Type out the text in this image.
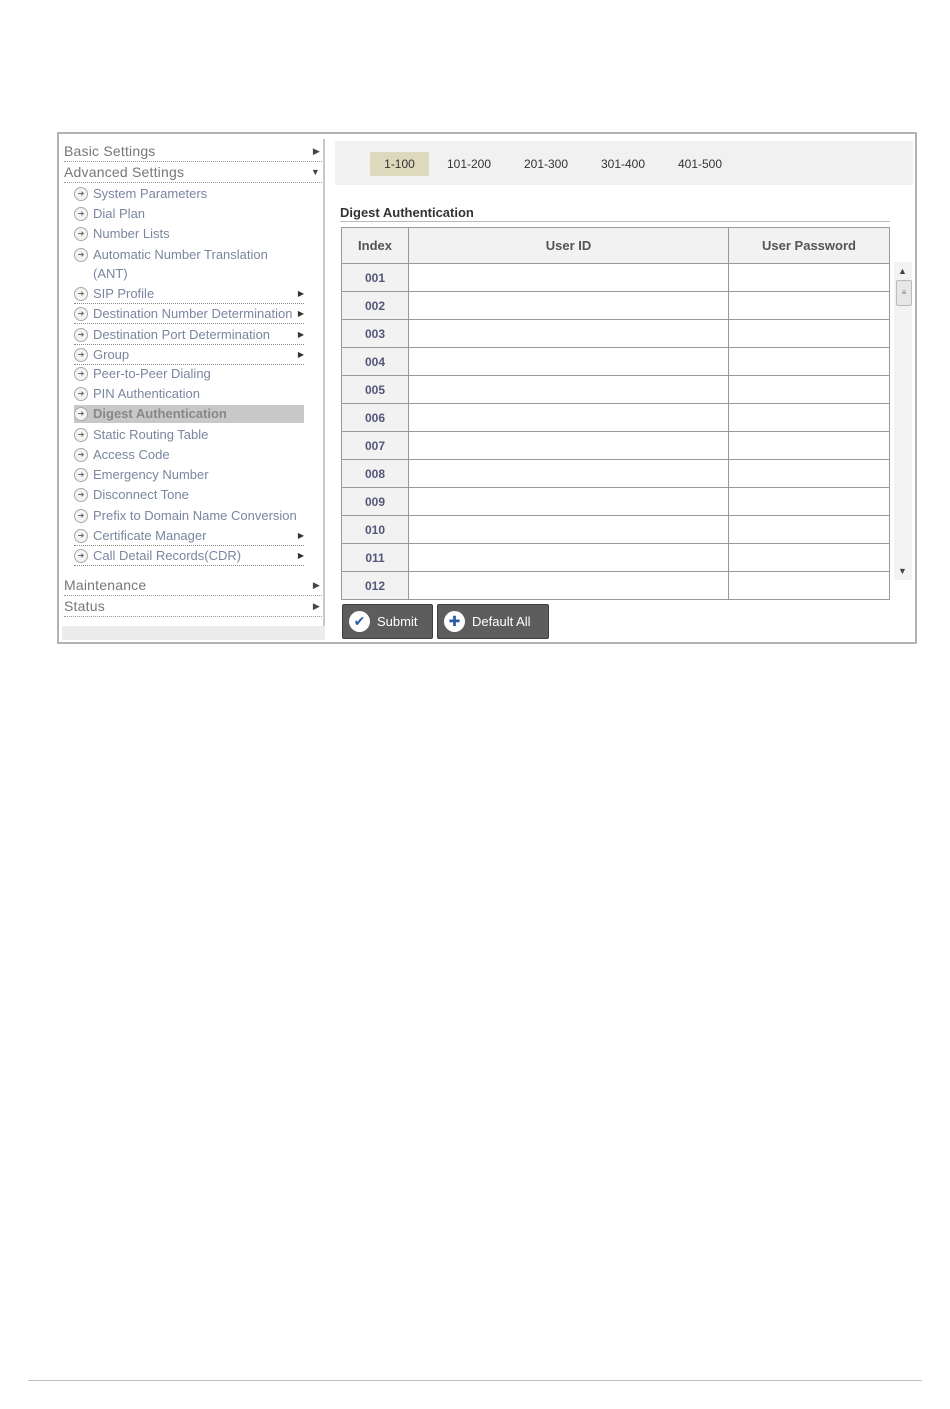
Basic Settings	▶
Advanced Settings	▼
➜ System Parameters
➜ Dial Plan
➜ Number Lists
➜ Automatic Number Translation
(ANT)
➜ SIP Profile	▶
➜ Destination Number Determination ▶
➜ Destination Port Determination	▶
➜ Group	▶
➜ Peer-to-Peer Dialing
➜ PIN Authentication
➜ Digest Authentication
➜ Static Routing Table
➜ Access Code
➜ Emergency Number
➜ Disconnect Tone
➜ Prefix to Domain Name Conversion
➜ Certificate Manager	▶
➜ Call Detail Records(CDR)	▶
Maintenance	▶
Status	▶
1-100	101-200	201-300	301-400	401-500
Digest Authentication
Index	User ID	User Password
001		
002		
003		
004		
005		
006		
007		
008		
009		
010		
011		
012		
▲
≡
▼
✔ Submit	✚ Default All
